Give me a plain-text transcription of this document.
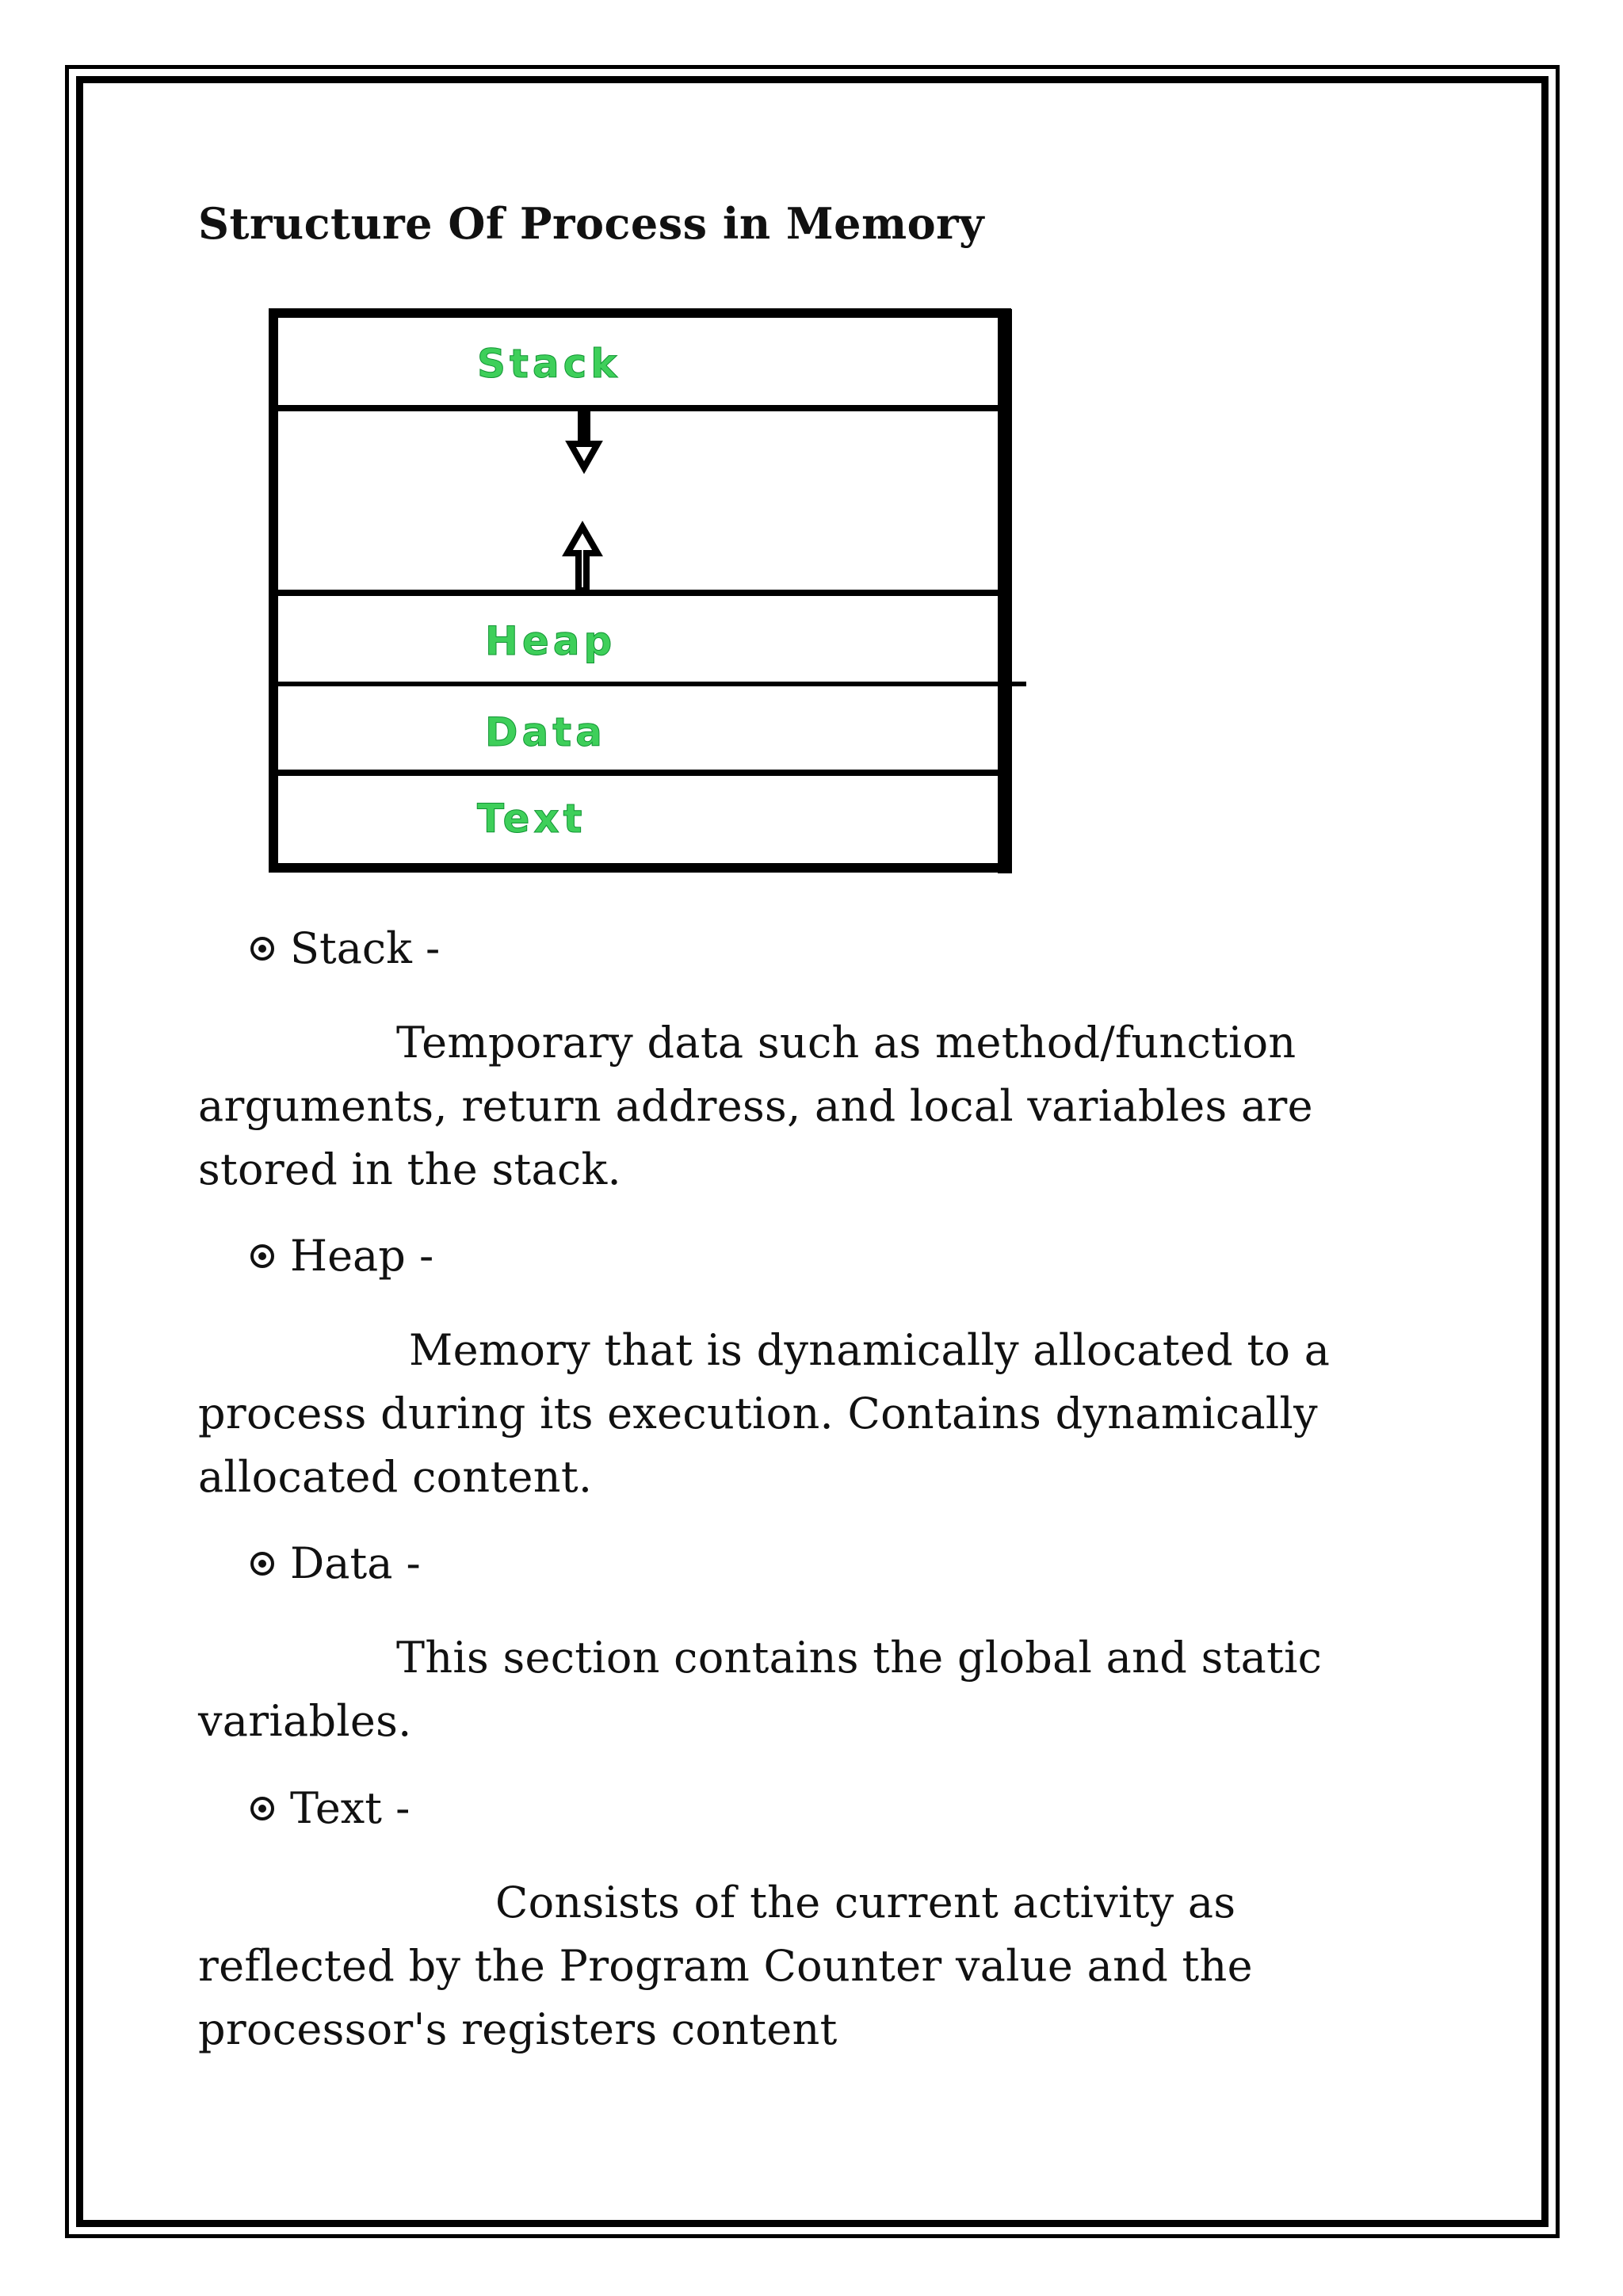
Structure Of Process in Memory
Stack
Heap
Data
Text
Stack -
Temporary data such as method/function
arguments, return address, and local variables are
stored in the stack.
Heap -
Memory that is dynamically allocated to a
process during its execution. Contains dynamically
allocated content.
Data -
This section contains the global and static
variables.
Text -
Consists of the current activity as
reflected by the Program Counter value and the
processor's registers content
